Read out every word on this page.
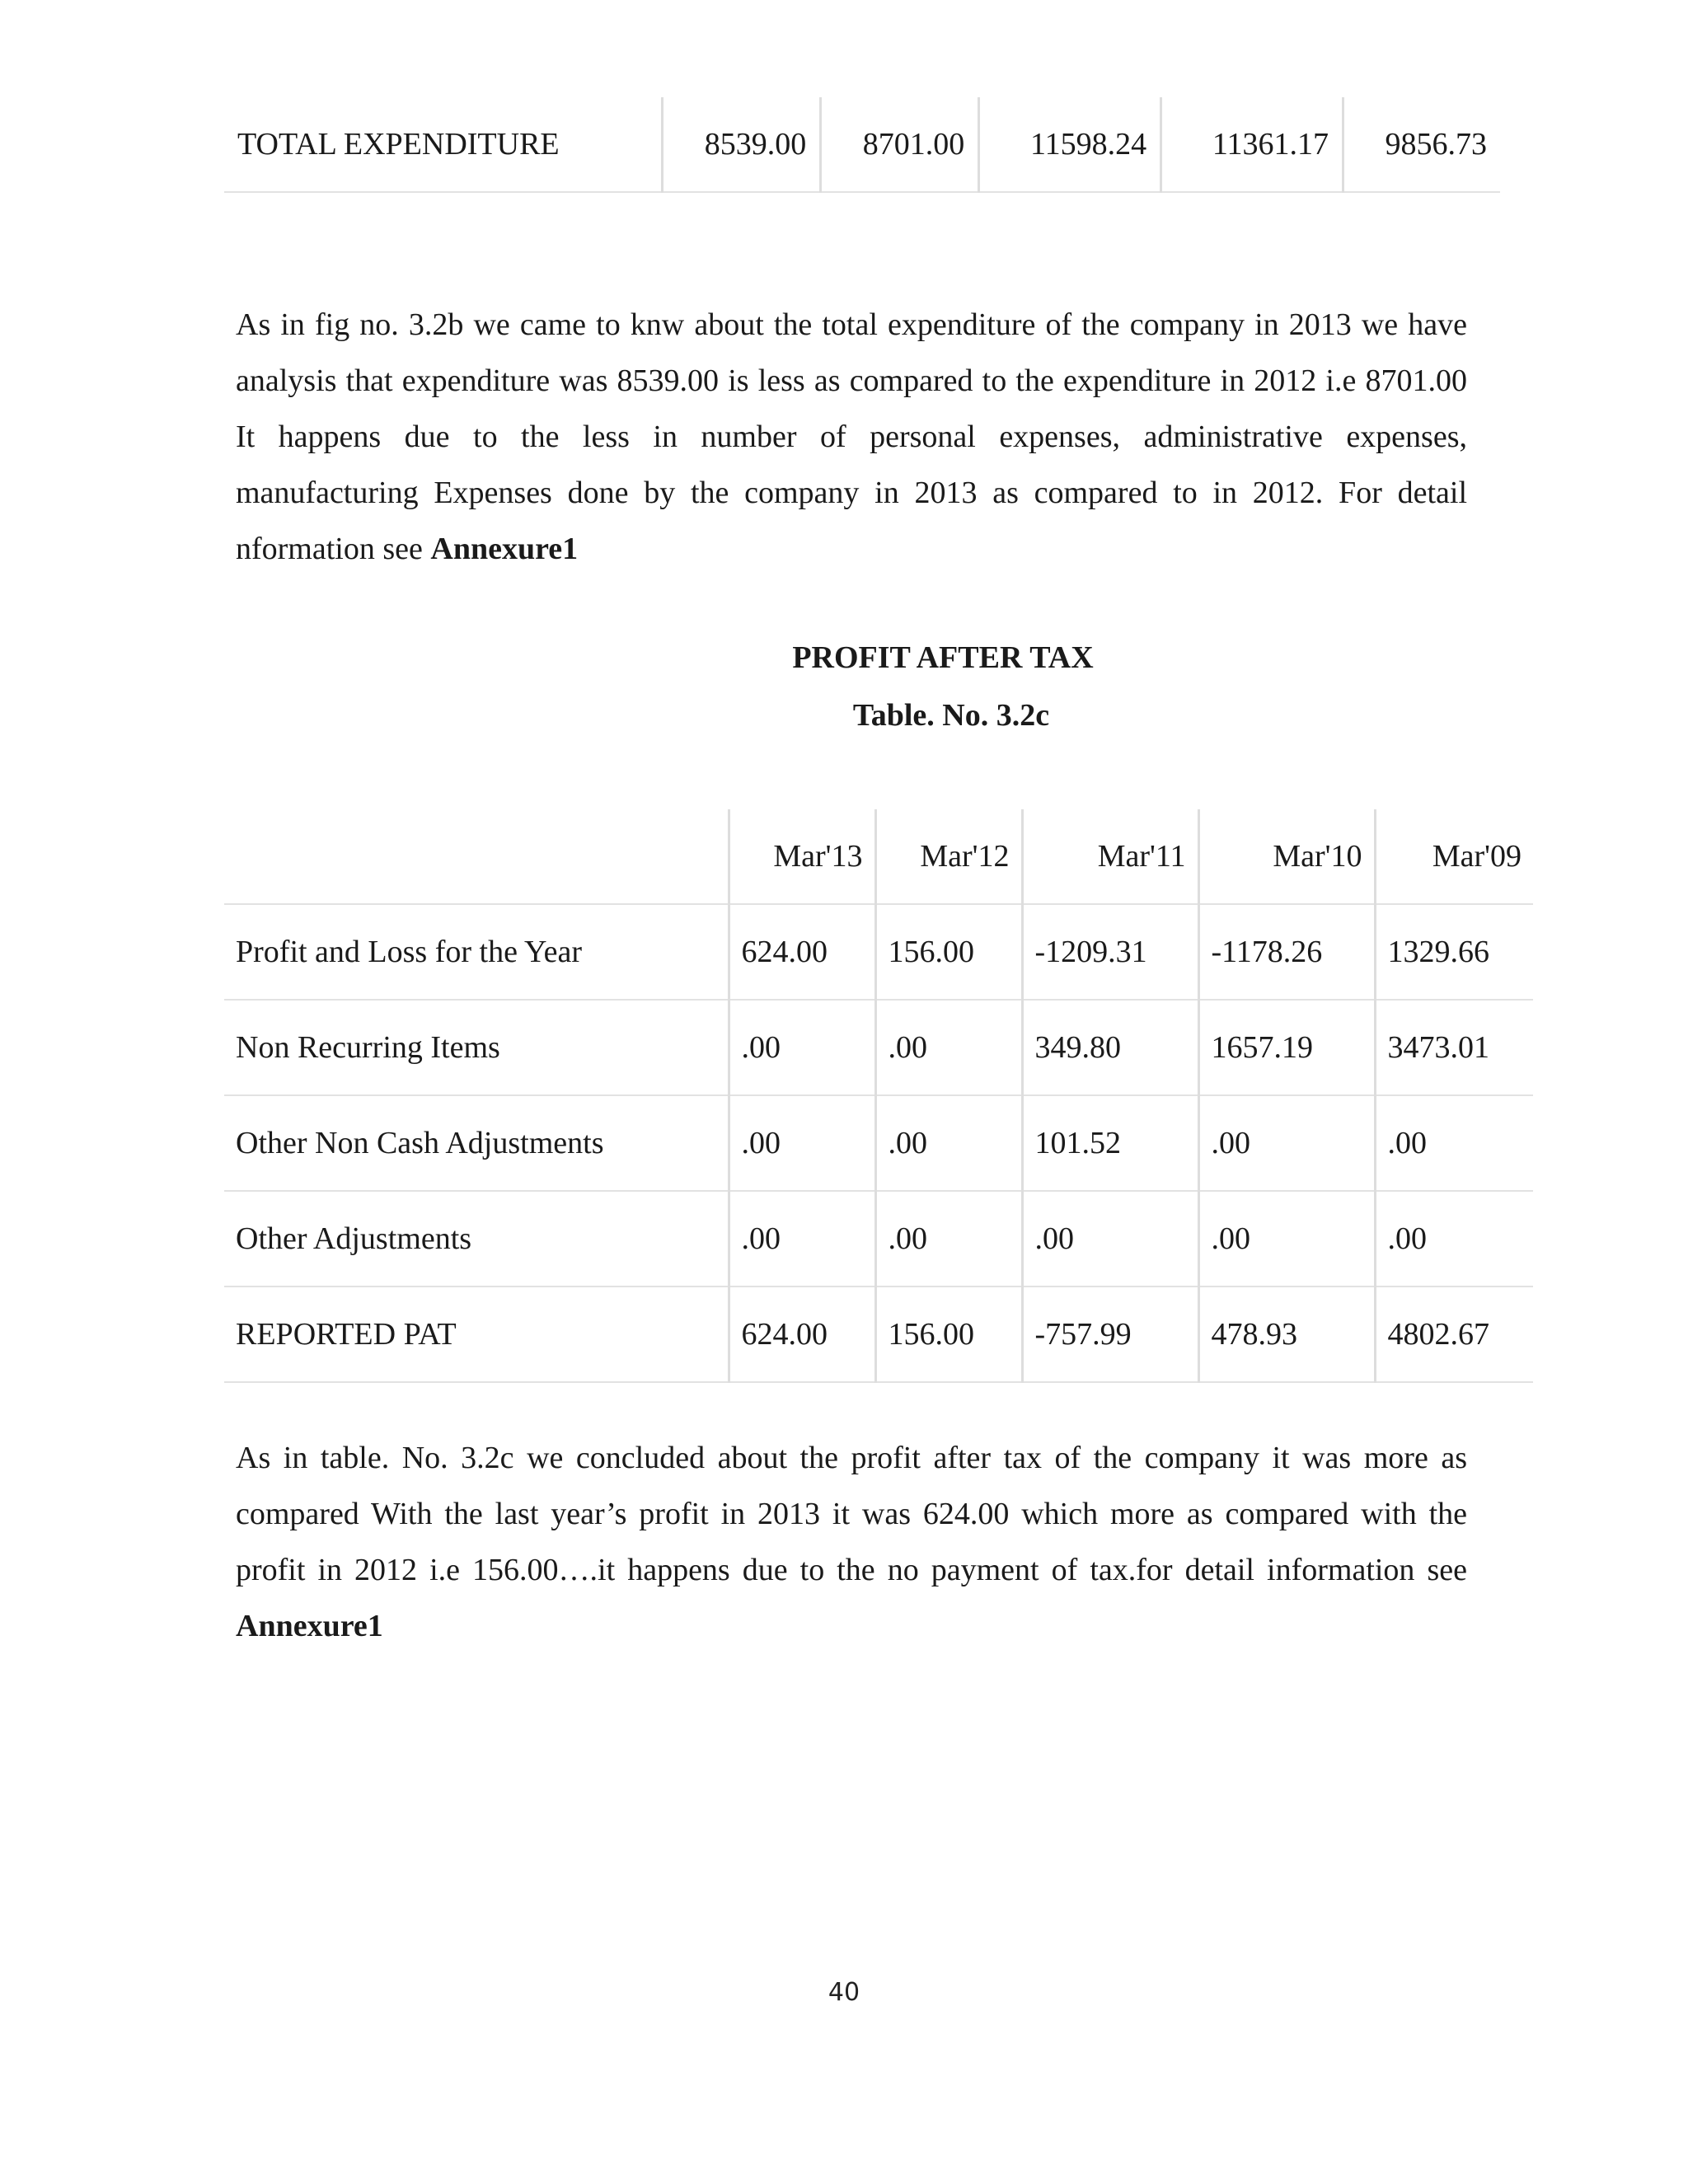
TOTAL EXPENDITURE	8539.00	8701.00	11598.24	11361.17	9856.73

As in fig no. 3.2b we came to knw about the total expenditure of the company in 2013 we have analysis that expenditure was 8539.00 is less as compared to the expenditure in 2012 i.e 8701.00 It happens due to the less in number of personal expenses, administrative expenses, manufacturing Expenses done by the company in 2013 as compared to in 2012. For detail nformation see Annexure1

PROFIT AFTER TAX

Table. No. 3.2c

	Mar'13	Mar'12	Mar'11	Mar'10	Mar'09
Profit and Loss for the Year	624.00	156.00	-1209.31	-1178.26	1329.66
Non Recurring Items	.00	.00	349.80	1657.19	3473.01
Other Non Cash Adjustments	.00	.00	101.52	.00	.00
Other Adjustments	.00	.00	.00	.00	.00
REPORTED PAT	624.00	156.00	-757.99	478.93	4802.67

As in table. No. 3.2c we concluded about the profit after tax of the company it was more as compared With the last year’s profit in 2013 it was 624.00 which more as compared with the profit in 2012 i.e 156.00….it happens due to the no payment of tax.for detail information see Annexure1

40
